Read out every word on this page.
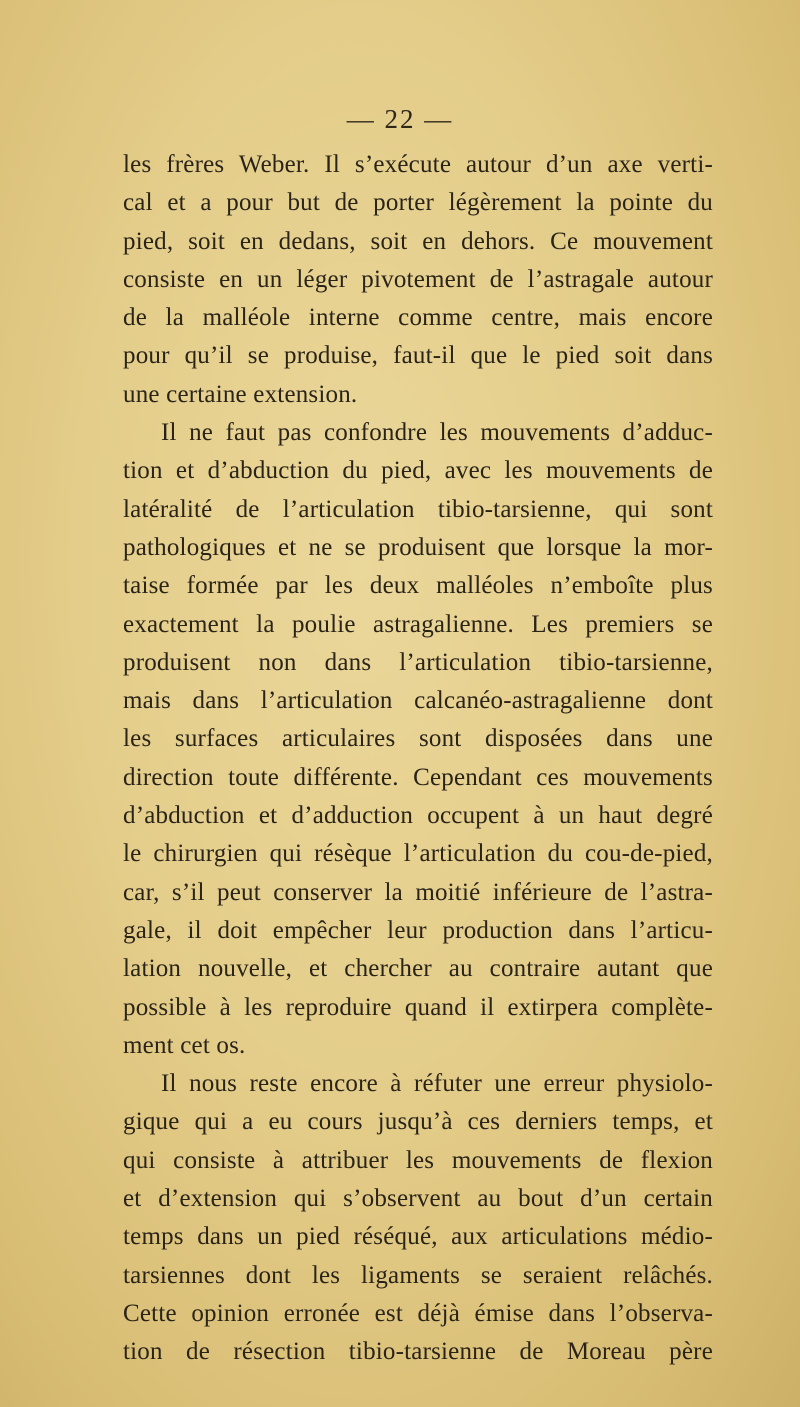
— 22 —
les frères Weber. Il s’exécute autour d’un axe verti-
cal et a pour but de porter légèrement la pointe du
pied, soit en dedans, soit en dehors. Ce mouvement
consiste en un léger pivotement de l’astragale autour
de la malléole interne comme centre, mais encore
pour qu’il se produise, faut-il que le pied soit dans
une certaine extension.
Il ne faut pas confondre les mouvements d’adduc-
tion et d’abduction du pied, avec les mouvements de
latéralité de l’articulation tibio-tarsienne, qui sont
pathologiques et ne se produisent que lorsque la mor-
taise formée par les deux malléoles n’emboîte plus
exactement la poulie astragalienne. Les premiers se
produisent non dans l’articulation tibio-tarsienne,
mais dans l’articulation calcanéo-astragalienne dont
les surfaces articulaires sont disposées dans une
direction toute différente. Cependant ces mouvements
d’abduction et d’adduction occupent à un haut degré
le chirurgien qui résèque l’articulation du cou-de-pied,
car, s’il peut conserver la moitié inférieure de l’astra-
gale, il doit empêcher leur production dans l’articu-
lation nouvelle, et chercher au contraire autant que
possible à les reproduire quand il extirpera complète-
ment cet os.
Il nous reste encore à réfuter une erreur physiolo-
gique qui a eu cours jusqu’à ces derniers temps, et
qui consiste à attribuer les mouvements de flexion
et d’extension qui s’observent au bout d’un certain
temps dans un pied réséqué, aux articulations médio-
tarsiennes dont les ligaments se seraient relâchés.
Cette opinion erronée est déjà émise dans l’observa-
tion de résection tibio-tarsienne de Moreau père
